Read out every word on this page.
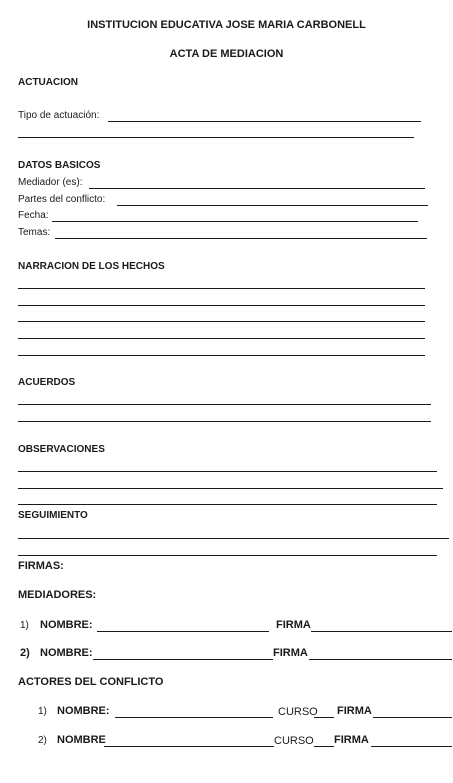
INSTITUCION EDUCATIVA JOSE MARIA CARBONELL
ACTA DE MEDIACION
ACTUACION
Tipo de actuación:
DATOS BASICOS
Mediador (es):
Partes del conflicto:
Fecha:
Temas:
NARRACION DE LOS HECHOS
ACUERDOS
OBSERVACIONES
SEGUIMIENTO
FIRMAS:
MEDIADORES:
1) NOMBRE:	FIRMA
2) NOMBRE:	FIRMA
ACTORES DEL CONFLICTO
1) NOMBRE:	CURSO FIRMA
2) NOMBRE	CURSO FIRMA
